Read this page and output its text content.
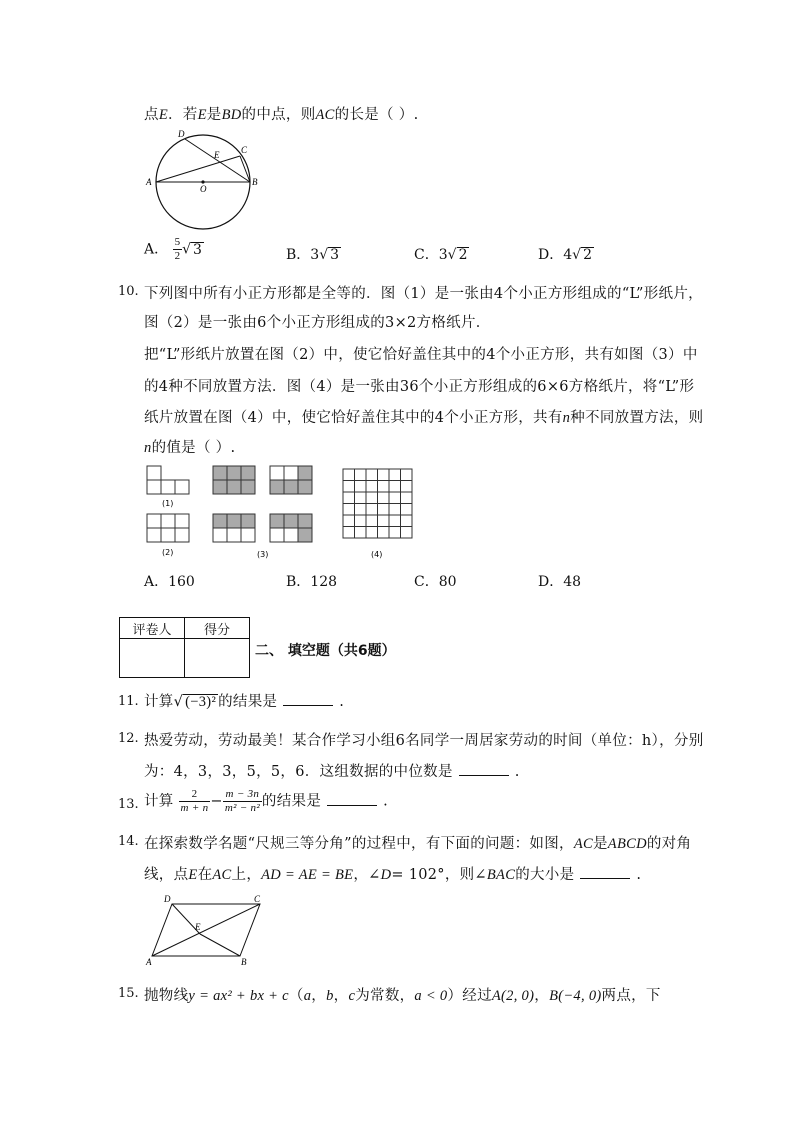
点E．若E是BD的中点，则AC的长是（ ）.
D
C
E
A
O
B
A． $\frac{5}{2}$ √ 3	B．3√ 3	C．3√ 2	D．4√ 2
10. 下列图中所有小正方形都是全等的．图（1）是一张由4个小正方形组成的“L”形纸片，
图（2）是一张由6个小正方形组成的3×2方格纸片．
把“L”形纸片放置在图（2）中，使它恰好盖住其中的4个小正方形，共有如图（3）中
的4种不同放置方法．图（4）是一张由36个小正方形组成的6×6方格纸片，将“L”形
纸片放置在图（4）中，使它恰好盖住其中的4个小正方形，共有n种不同放置方法，则
n的值是（ ）.
(1)
(2)	(3)	(4)
A．160	B．128	C．80	D．48
评卷人	得分

二、 填空题（共6题）
11. 计算√ (−3)² 的结果是	.
12. 热爱劳动，劳动最美！某合作学习小组6名同学一周居家劳动的时间（单位：h），分别
为：4，3，3，5，5，6．这组数据的中位数是	.
13. 计算 $\frac{2}{m + n} - \frac{m - 3n}{\text{m² − n²}}$ 的结果是	.
14. 在探索数学名题“尺规三等分角”的过程中，有下面的问题：如图，AC是ABCD的对角
线，点E在AC上，AD = AE = BE，∠D= 102°，则∠BAC的大小是	.
D	C
E
A	B
15. 抛物线y = ax² + bx + c（a，b，c为常数，a < 0）经过A(2, 0)，B(−4, 0)两点，下
